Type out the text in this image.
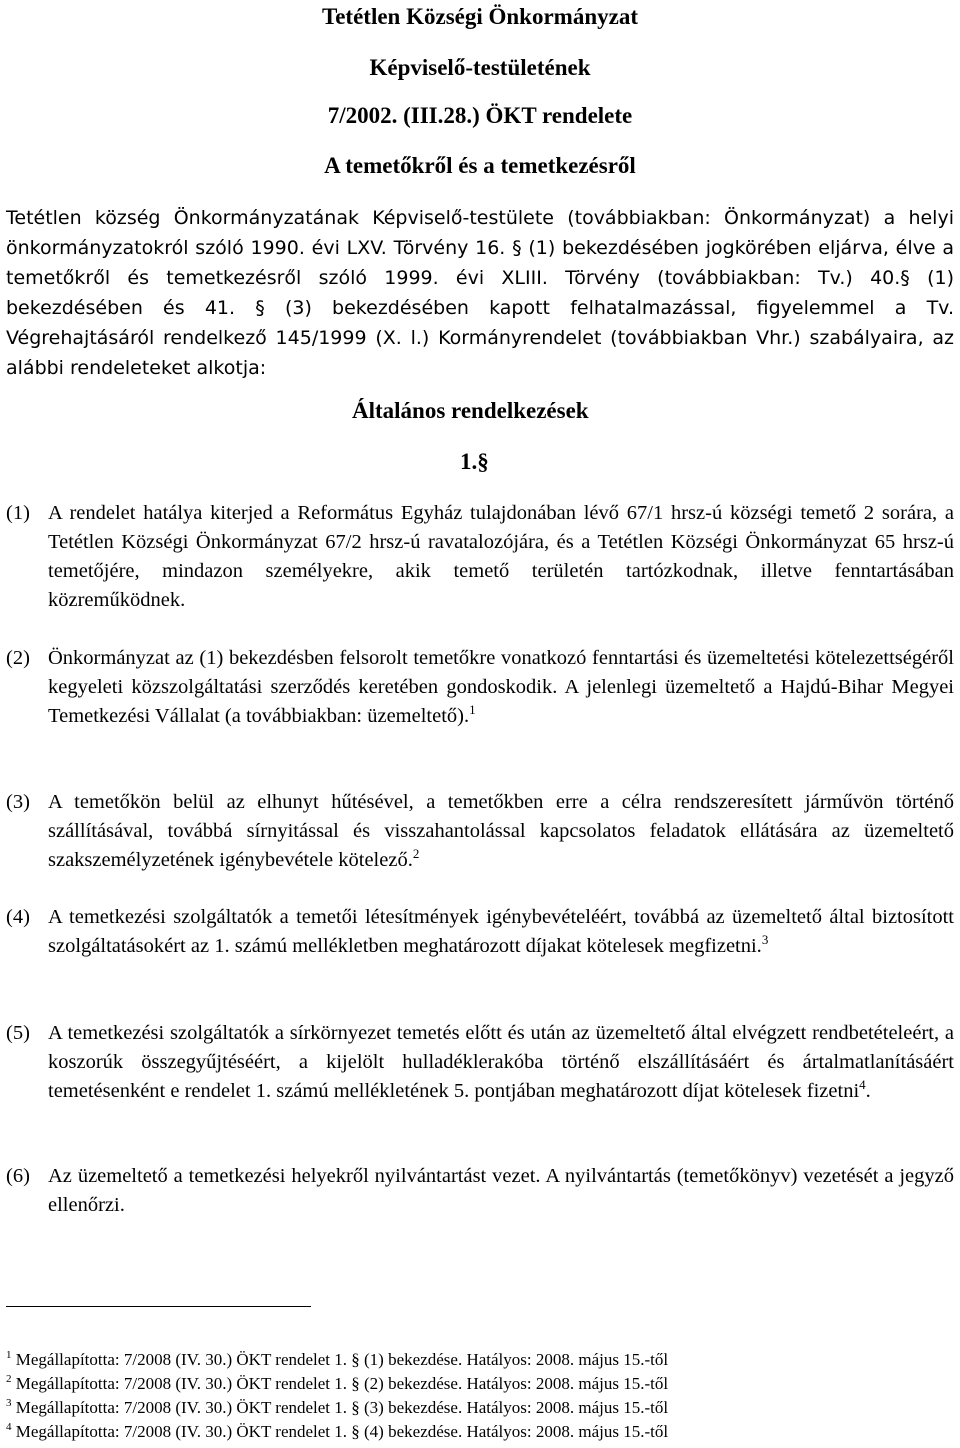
Tetétlen Községi Önkormányzat
Képviselő-testületének
7/2002. (III.28.) ÖKT rendelete
A temetőkről és a temetkezésről

Tetétlen község Önkormányzatának Képviselő-testülete (továbbiakban: Önkormányzat) a helyi önkormányzatokról szóló 1990. évi LXV. Törvény 16. § (1) bekezdésében jogkörében eljárva, élve a temetőkről és temetkezésről szóló 1999. évi XLIII. Törvény (továbbiakban: Tv.) 40.§ (1) bekezdésében és 41. § (3) bekezdésében kapott felhatalmazással, figyelemmel a Tv. Végrehajtásáról rendelkező 145/1999 (X. l.) Kormányrendelet (továbbiakban Vhr.) szabályaira, az alábbi rendeleteket alkotja:

Általános rendelkezések
1.§
(1) A rendelet hatálya kiterjed a Református Egyház tulajdonában lévő 67/1 hrsz-ú községi temető 2 sorára, a Tetétlen Községi Önkormányzat 67/2 hrsz-ú ravatalozójára, és a Tetétlen Községi Önkormányzat 65 hrsz-ú temetőjére, mindazon személyekre, akik temető területén tartózkodnak, illetve fenntartásában közreműködnek.
(2) Önkormányzat az (1) bekezdésben felsorolt temetőkre vonatkozó fenntartási és üzemeltetési kötelezettségéről kegyeleti közszolgáltatási szerződés keretében gondoskodik. A jelenlegi üzemeltető a Hajdú-Bihar Megyei Temetkezési Vállalat (a továbbiakban: üzemeltető).$^1$
(3) A temetőkön belül az elhunyt hűtésével, a temetőkben erre a célra rendszeresített járművön történő szállításával, továbbá sírnyitással és visszahantolással kapcsolatos feladatok ellátására az üzemeltető szakszemélyzetének igénybevétele kötelező.$^2$
(4) A temetkezési szolgáltatók a temetői létesítmények igénybevételéért, továbbá az üzemeltető által biztosított szolgáltatásokért az 1. számú mellékletben meghatározott díjakat kötelesek megfizetni.$^3$
(5) A temetkezési szolgáltatók a sírkörnyezet temetés előtt és után az üzemeltető által elvégzett rendbetételeért, a koszorúk összegyűjtéséért, a kijelölt hulladéklerakóba történő elszállításáért és ártalmatlanításáért temetésenként e rendelet 1. számú mellékletének 5. pontjában meghatározott díjat kötelesek fizetni$^4$.
(6) Az üzemeltető a temetkezési helyekről nyilvántartást vezet. A nyilvántartás (temetőkönyv) vezetését a jegyző ellenőrzi.

$^1$ Megállapította: 7/2008 (IV. 30.) ÖKT rendelet 1. § (1) bekezdése. Hatályos: 2008. május 15.-től

$^2$ Megállapította: 7/2008 (IV. 30.) ÖKT rendelet 1. § (2) bekezdése. Hatályos: 2008. május 15.-től

$^3$ Megállapította: 7/2008 (IV. 30.) ÖKT rendelet 1. § (3) bekezdése. Hatályos: 2008. május 15.-től

$^4$ Megállapította: 7/2008 (IV. 30.) ÖKT rendelet 1. § (4) bekezdése. Hatályos: 2008. május 15.-től
